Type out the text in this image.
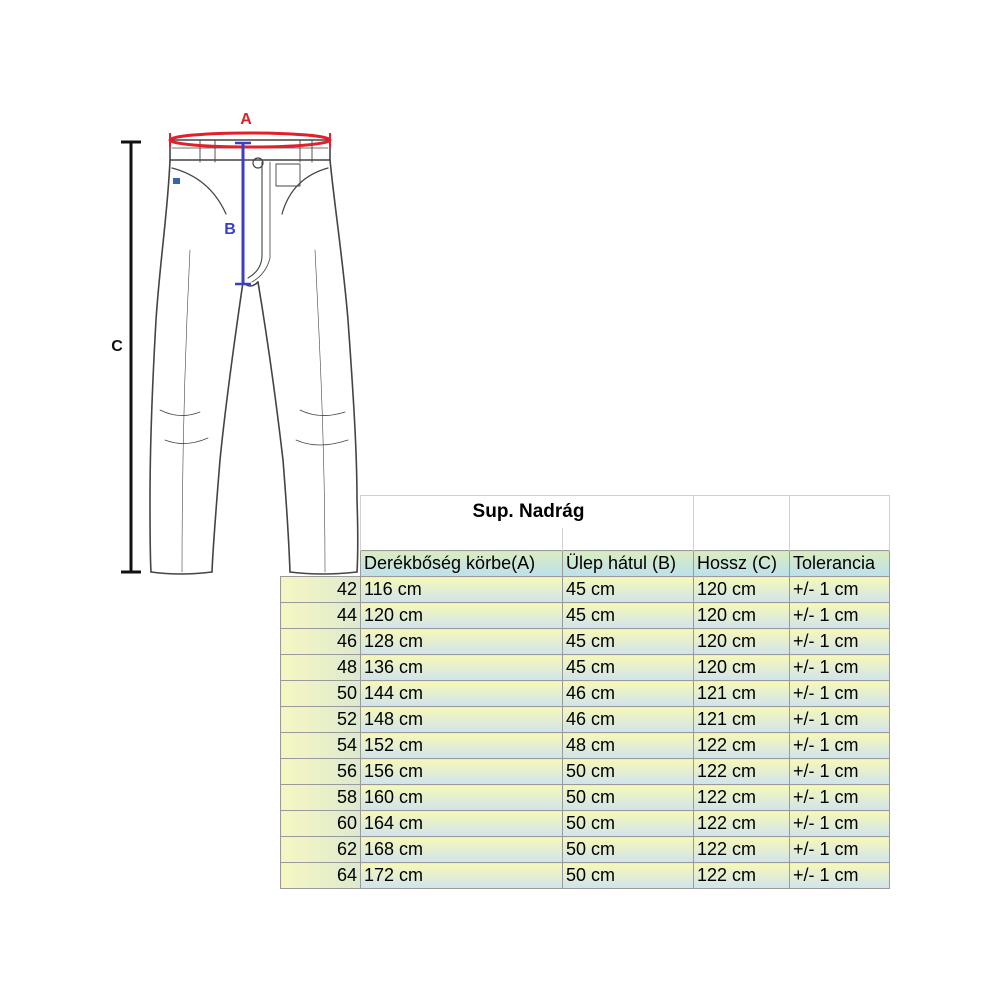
A
B
C
	Sup. Nadrág			

	Derékbőség körbe(A)	Ülep hátul (B)	Hossz (C)	Tolerancia
42	116 cm	45 cm	120 cm	+/- 1 cm
44	120 cm	45 cm	120 cm	+/- 1 cm
46	128 cm	45 cm	120 cm	+/- 1 cm
48	136 cm	45 cm	120 cm	+/- 1 cm
50	144 cm	46 cm	121 cm	+/- 1 cm
52	148 cm	46 cm	121 cm	+/- 1 cm
54	152 cm	48 cm	122 cm	+/- 1 cm
56	156 cm	50 cm	122 cm	+/- 1 cm
58	160 cm	50 cm	122 cm	+/- 1 cm
60	164 cm	50 cm	122 cm	+/- 1 cm
62	168 cm	50 cm	122 cm	+/- 1 cm
64	172 cm	50 cm	122 cm	+/- 1 cm
